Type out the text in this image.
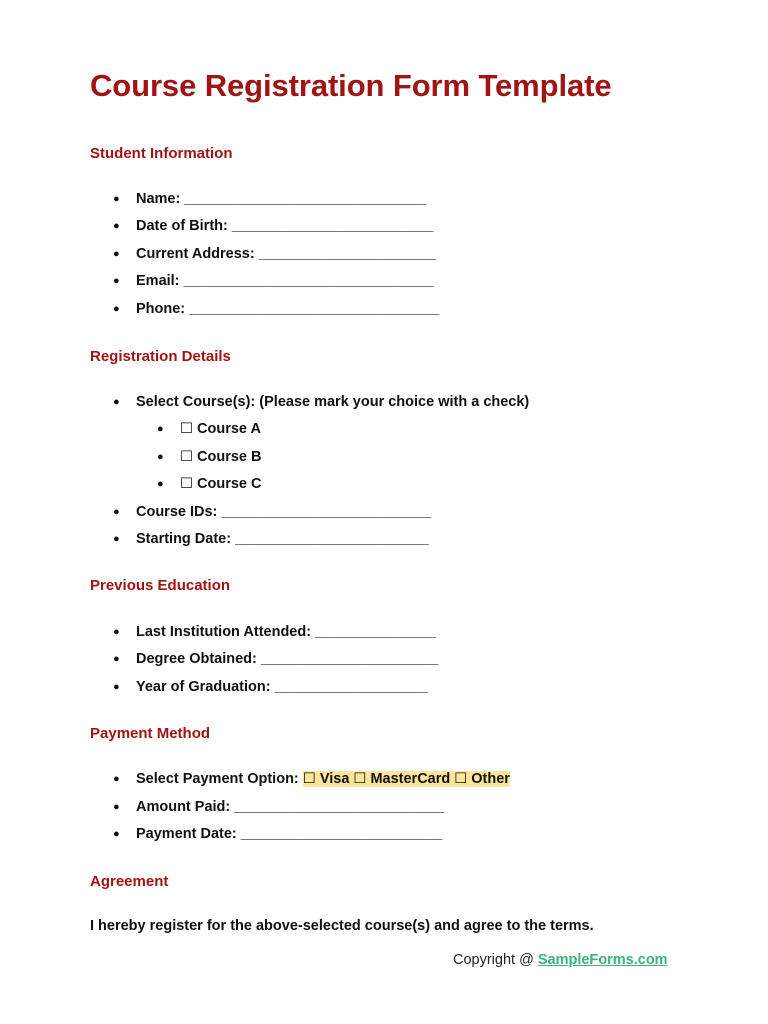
Course Registration Form Template
Student Information
● Name: ______________________________
● Date of Birth: _________________________
● Current Address: ______________________
● Email: _______________________________
● Phone: _______________________________
Registration Details
● Select Course(s): (Please mark your choice with a check)
● ☐ Course A
● ☐ Course B
● ☐ Course C
● Course IDs: __________________________
● Starting Date: ________________________
Previous Education
● Last Institution Attended: _______________
● Degree Obtained: ______________________
● Year of Graduation: ___________________
Payment Method
● Select Payment Option: ☐ Visa ☐ MasterCard ☐ Other
● Amount Paid: __________________________
● Payment Date: _________________________
Agreement

I hereby register for the above-selected course(s) and agree to the terms.

Copyright @ SampleForms.com
